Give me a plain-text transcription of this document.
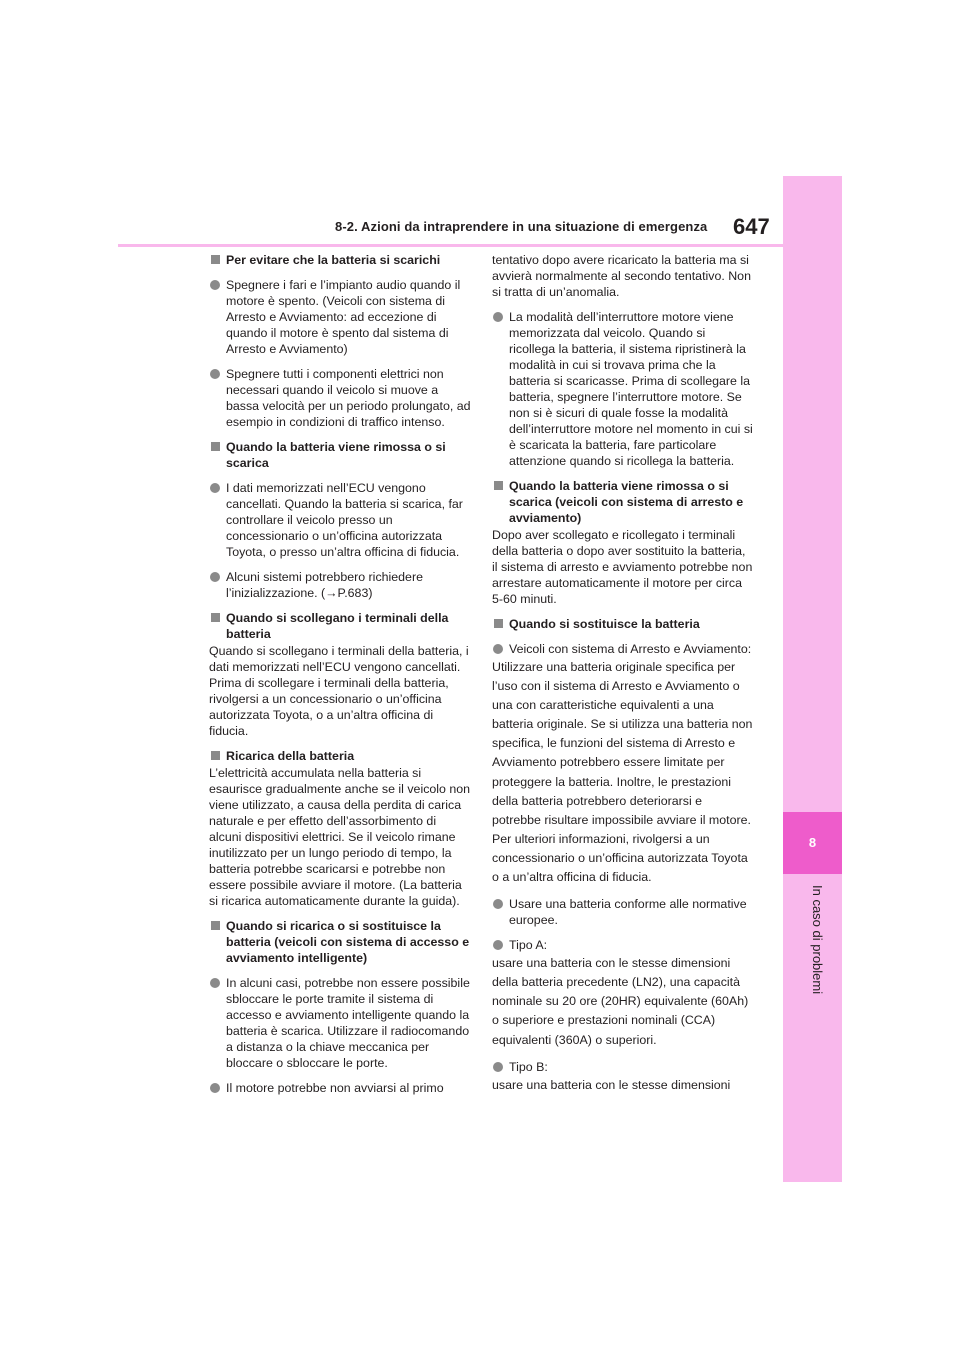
8
In caso di problemi
8-2. Azioni da intraprendere in una situazione di emergenza 647
Per evitare che la batteria si scarichi
Spegnere i fari e l’impianto audio quando il motore è spento. (Veicoli con sistema di Arresto e Avviamento: ad eccezione di quando il motore è spento dal sistema di Arresto e Avviamento)
Spegnere tutti i componenti elettrici non necessari quando il veicolo si muove a bassa velocità per un periodo prolungato, ad esempio in condizioni di traffico intenso.
Quando la batteria viene rimossa o si scarica
I dati memorizzati nell’ECU vengono cancellati. Quando la batteria si scarica, far controllare il veicolo presso un concessionario o un’officina autorizzata Toyota, o presso un’altra officina di fiducia.
Alcuni sistemi potrebbero richiedere l’inizializzazione. (→P.683)
Quando si scollegano i terminali della batteria
Quando si scollegano i terminali della batteria, i dati memorizzati nell’ECU vengono cancellati. Prima di scollegare i terminali della batteria, rivolgersi a un concessionario o un’officina autorizzata Toyota, o a un’altra officina di fiducia.
Ricarica della batteria
L’elettricità accumulata nella batteria si esaurisce gradualmente anche se il veicolo non viene utilizzato, a causa della perdita di carica naturale e per effetto dell’assorbimento di alcuni dispositivi elettrici. Se il veicolo rimane inutilizzato per un lungo periodo di tempo, la batteria potrebbe scaricarsi e potrebbe non essere possibile avviare il motore. (La batteria si ricarica automaticamente durante la guida).
Quando si ricarica o si sostituisce la batteria (veicoli con sistema di accesso e avviamento intelligente)
In alcuni casi, potrebbe non essere possibile sbloccare le porte tramite il sistema di accesso e avviamento intelligente quando la batteria è scarica. Utilizzare il radiocomando a distanza o la chiave meccanica per bloccare o sbloccare le porte.
Il motore potrebbe non avviarsi al primo
tentativo dopo avere ricaricato la batteria ma si avvierà normalmente al secondo tentativo. Non si tratta di un’anomalia.
La modalità dell’interruttore motore viene memorizzata dal veicolo. Quando si ricollega la batteria, il sistema ripristinerà la modalità in cui si trovava prima che la batteria si scaricasse. Prima di scollegare la batteria, spegnere l’interruttore motore. Se non si è sicuri di quale fosse la modalità dell’interruttore motore nel momento in cui si è scaricata la batteria, fare particolare attenzione quando si ricollega la batteria.
Quando la batteria viene rimossa o si scarica (veicoli con sistema di arresto e avviamento)
Dopo aver scollegato e ricollegato i terminali della batteria o dopo aver sostituito la batteria, il sistema di arresto e avviamento potrebbe non arrestare automaticamente il motore per circa 5-60 minuti.
Quando si sostituisce la batteria
Veicoli con sistema di Arresto e Avviamento:
Utilizzare una batteria originale specifica per l’uso con il sistema di Arresto e Avviamento o una con caratteristiche equivalenti a una batteria originale. Se si utilizza una batteria non specifica, le funzioni del sistema di Arresto e Avviamento potrebbero essere limitate per proteggere la batteria. Inoltre, le prestazioni della batteria potrebbero deteriorarsi e potrebbe risultare impossibile avviare il motore. Per ulteriori informazioni, rivolgersi a un concessionario o un’officina autorizzata Toyota o a un’altra officina di fiducia.
Usare una batteria conforme alle normative europee.
Tipo A:
usare una batteria con le stesse dimensioni della batteria precedente (LN2), una capacità nominale su 20 ore (20HR) equivalente (60Ah) o superiore e prestazioni nominali (CCA) equivalenti (360A) o superiori.
Tipo B:
usare una batteria con le stesse dimensioni
